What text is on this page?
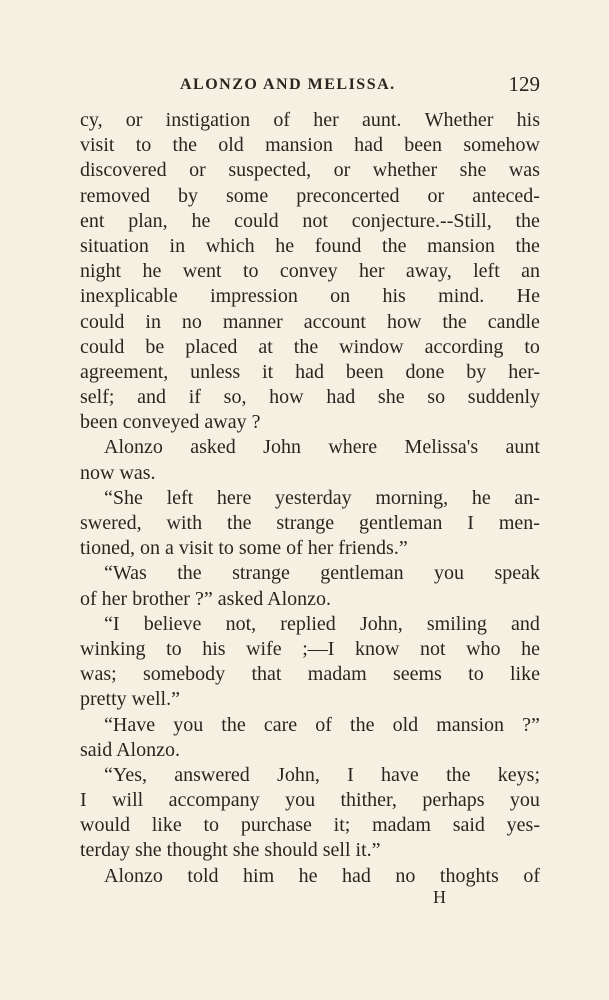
ALONZO AND MELISSA.	129
cy, or instigation of her aunt. Whether his
visit to the old mansion had been somehow
discovered or suspected, or whether she was
removed by some preconcerted or anteced-
ent plan, he could not conjecture.--Still, the
situation in which he found the mansion the
night he went to convey her away, left an
inexplicable impression on his mind. He
could in no manner account how the candle
could be placed at the window according to
agreement, unless it had been done by her-
self; and if so, how had she so suddenly
been conveyed away ?
Alonzo asked John where Melissa's aunt
now was.
“She left here yesterday morning, he an-
swered, with the strange gentleman I men-
tioned, on a visit to some of her friends.”
“Was the strange gentleman you speak
of her brother ?” asked Alonzo.
“I believe not, replied John, smiling and
winking to his wife ;—I know not who he
was; somebody that madam seems to like
pretty well.”
“Have you the care of the old mansion ?”
said Alonzo.
“Yes, answered John, I have the keys;
I will accompany you thither, perhaps you
would like to purchase it; madam said yes-
terday she thought she should sell it.”
Alonzo told him he had no thoghts of
H
